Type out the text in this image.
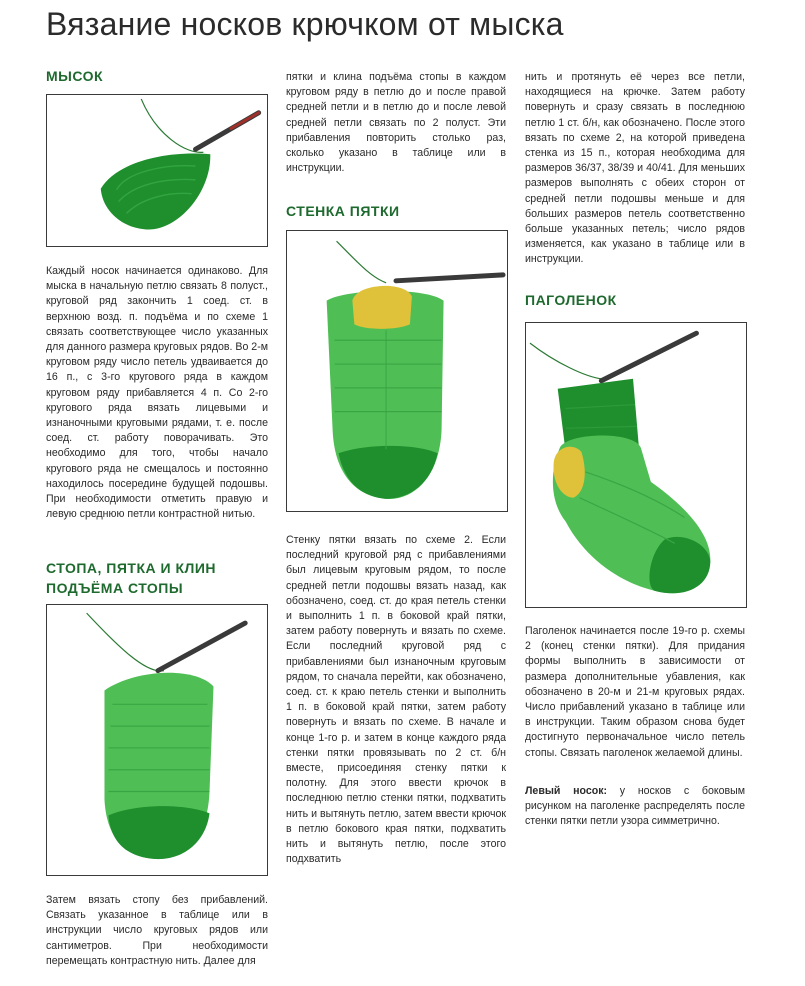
Вязание носков крючком от мыска
МЫСОК
Каждый носок начинается одинаково. Для мыска в начальную петлю связать 8 полуст., круговой ряд закончить 1 соед. ст. в верхнюю возд. п. подъёма и по схеме 1 связать соответствующее число указанных для данного размера круговых рядов. Во 2-м круговом ряду число петель удваивается до 16 п., с 3-го кругового ряда в каждом круговом ряду прибавляется 4 п. Со 2-го кругового ряда вязать лицевыми и изнаночными круговыми рядами, т. е. после соед. ст. работу поворачивать. Это необходимо для того, чтобы начало кругового ряда не смещалось и постоянно находилось посередине будущей подошвы. При необходимости отметить правую и левую среднюю петли контрастной нитью.
СТОПА, ПЯТКА И КЛИН
ПОДЪЁМА СТОПЫ
Затем вязать стопу без прибавлений. Связать указанное в таблице или в инструкции число круговых рядов или сантиметров. При необходимости перемещать контрастную нить. Далее для
пятки и клина подъёма стопы в каждом круговом ряду в петлю до и после правой средней петли и в петлю до и после левой средней петли связать по 2 полуст. Эти прибавления повторить столько раз, сколько указано в таблице или в инструкции.
СТЕНКА ПЯТКИ
Стенку пятки вязать по схеме 2. Если последний круговой ряд с прибавлениями был лицевым круговым рядом, то после средней петли подошвы вязать назад, как обозначено, соед. ст. до края петель стенки и выполнить 1 п. в боковой край пятки, затем работу повернуть и вязать по схеме. Если последний круговой ряд с прибавлениями был изнаночным круговым рядом, то сначала перейти, как обозначено, соед. ст. к краю петель стенки и выполнить 1 п. в боковой край пятки, затем работу повернуть и вязать по схеме. В начале и конце 1-го р. и затем в конце каждого ряда стенки пятки провязывать по 2 ст. б/н вместе, присоединяя стенку пятки к полотну. Для этого ввести крючок в последнюю петлю стенки пятки, подхватить нить и вытянуть петлю, затем ввести крючок в петлю бокового края пятки, подхватить нить и вытянуть петлю, после этого подхватить
нить и протянуть её через все петли, находящиеся на крючке. Затем работу повернуть и сразу связать в последнюю петлю 1 ст. б/н, как обозначено. После этого вязать по схеме 2, на которой приведена стенка из 15 п., которая необходима для размеров 36/37, 38/39 и 40/41. Для меньших размеров выполнять с обеих сторон от средней петли подошвы меньше и для больших размеров петель соответственно больше указанных петель; число рядов изменяется, как указано в таблице или в инструкции.
ПАГОЛЕНОК
Паголенок начинается после 19-го р. схемы 2 (конец стенки пятки). Для придания формы выполнить в зависимости от размера дополнительные убавления, как обозначено в 20-м и 21-м круговых рядах. Число прибавлений указано в таблице или в инструкции. Таким образом снова будет достигнуто первоначальное число петель стопы. Связать паголенок желаемой длины.
Левый носок: у носков с боковым рисунком на паголенке распределять после стенки пятки петли узора симметрично.
